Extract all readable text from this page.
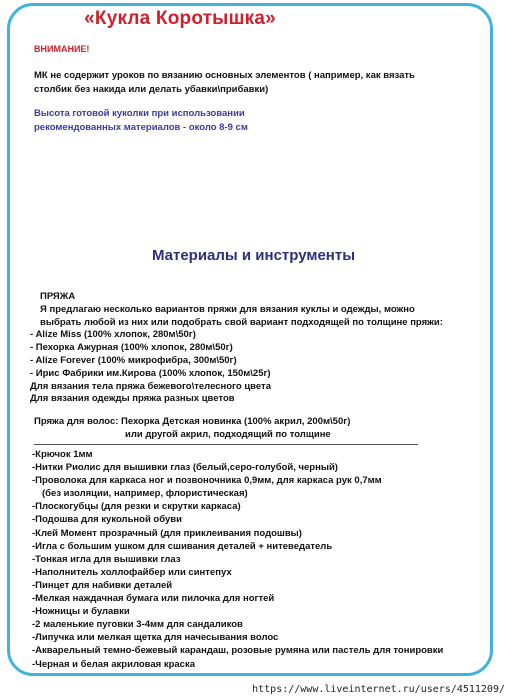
«Кукла Коротышка»
ВНИМАНИЕ!
МК не содержит уроков по вязанию основных элементов ( например, как вязать
столбик без накида или делать убавки\прибавки)
Высота готовой куколки при использовании
рекомендованных материалов - около 8-9 см
Материалы и инструменты
ПРЯЖА
Я предлагаю несколько вариантов пряжи для вязания куклы и одежды, можно
выбрать любой из них или подобрать свой вариант подходящей по толщине пряжи:
- Alize Miss (100% хлопок, 280м\50г)
- Пехорка Ажурная (100% хлопок, 280м\50г)
- Alize Forever (100% микрофибра, 300м\50г)
- Ирис Фабрики им.Кирова (100% хлопок, 150м\25г)
Для вязания тела пряжа бежевого\телесного цвета
Для вязания одежды пряжа разных цветов
Пряжа для волос: Пехорка Детская новинка (100% акрил, 200м\50г)
или другой акрил, подходящий по толщине
-Крючок 1мм
-Нитки Риолис для вышивки глаз (белый,серо-голубой, черный)
-Проволока для каркаса ног и позвоночника 0,9мм, для каркаса рук 0,7мм
(без изоляции, например, флористическая)
-Плоскогубцы (для резки и скрутки каркаса)
-Подошва для кукольной обуви
-Клей Момент прозрачный (для приклеивания подошвы)
-Игла с большим ушком для сшивания деталей + нитеведатель
-Тонкая игла для вышивки глаз
-Наполнитель холлофайбер или синтепух
-Пинцет для набивки деталей
-Мелкая наждачная бумага или пилочка для ногтей
-Ножницы и булавки
-2 маленькие пуговки 3-4мм для сандаликов
-Липучка или мелкая щетка для начесывания волос
-Акварельный темно-бежевый карандаш, розовые румяна или пастель для тонировки
-Черная и белая акриловая краска
https://www.liveinternet.ru/users/4511209/
